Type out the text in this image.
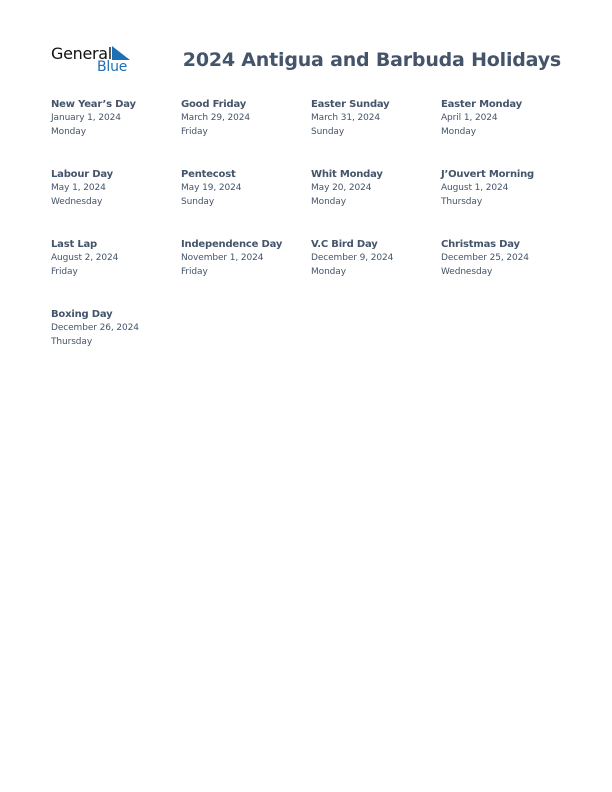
General
Blue	2024 Antigua and Barbuda Holidays
New Year’s Day
January 1, 2024
Monday
Good Friday
March 29, 2024
Friday
Easter Sunday
March 31, 2024
Sunday
Easter Monday
April 1, 2024
Monday
Labour Day
May 1, 2024
Wednesday
Pentecost
May 19, 2024
Sunday
Whit Monday
May 20, 2024
Monday
J’Ouvert Morning
August 1, 2024
Thursday
Last Lap
August 2, 2024
Friday
Independence Day
November 1, 2024
Friday
V.C Bird Day
December 9, 2024
Monday
Christmas Day
December 25, 2024
Wednesday
Boxing Day
December 26, 2024
Thursday
